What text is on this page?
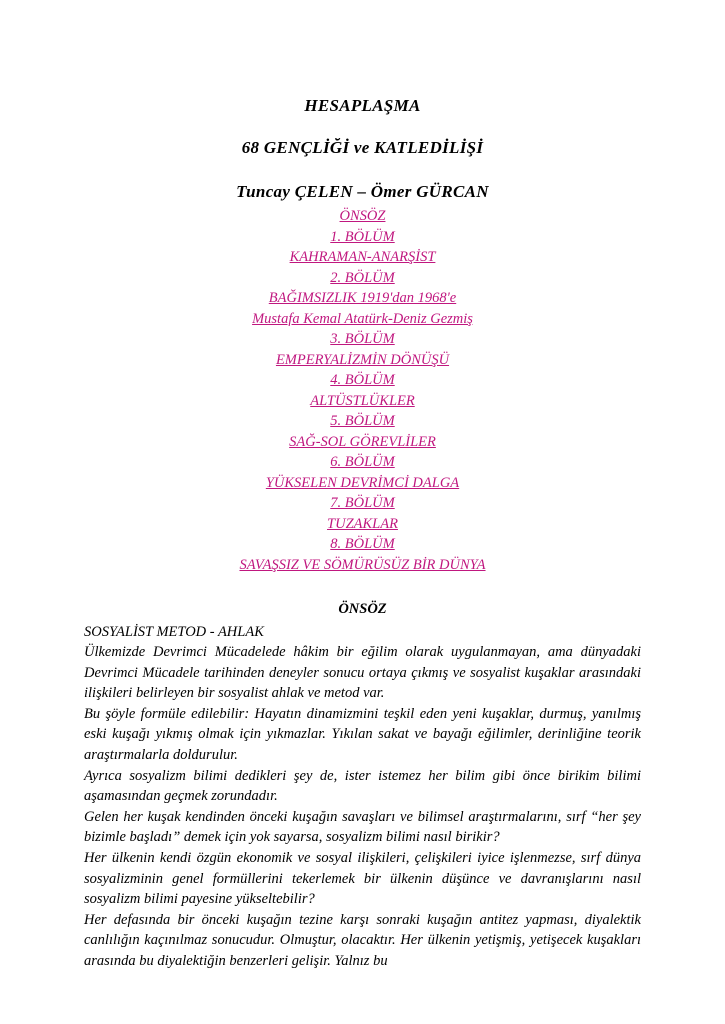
HESAPLAŞMA
68 GENÇLİĞİ ve KATLEDİLİŞİ
Tuncay ÇELEN – Ömer GÜRCAN
ÖNSÖZ
1. BÖLÜM
KAHRAMAN-ANARŞİST
2. BÖLÜM
BAĞIMSIZLIK 1919'dan 1968'e
Mustafa Kemal Atatürk-Deniz Gezmiş
3. BÖLÜM
EMPERYALİZMİN DÖNÜŞÜ
4. BÖLÜM
ALTÜSTLÜKLER
5. BÖLÜM
SAĞ-SOL GÖREVLİLER
6. BÖLÜM
YÜKSELEN DEVRİMCİ DALGA
7. BÖLÜM
TUZAKLAR
8. BÖLÜM
SAVAŞSIZ VE SÖMÜRÜSÜZ BİR DÜNYA
ÖNSÖZ
SOSYALİST METOD - AHLAK

Ülkemizde Devrimci Mücadelede hâkim bir eğilim olarak uygulanmayan, ama dünyadaki Devrimci Mücadele tarihinden deneyler sonucu ortaya çıkmış ve sosyalist kuşaklar arasındaki ilişkileri belirleyen bir sosyalist ahlak ve metod var.

Bu şöyle formüle edilebilir: Hayatın dinamizmini teşkil eden yeni kuşaklar, durmuş, yanılmış eski kuşağı yıkmış olmak için yıkmazlar. Yıkılan sakat ve bayağı eğilimler, derinliğine teorik araştırmalarla doldurulur.

Ayrıca sosyalizm bilimi dedikleri şey de, ister istemez her bilim gibi önce birikim bilimi aşamasından geçmek zorundadır.

Gelen her kuşak kendinden önceki kuşağın savaşları ve bilimsel araştırmalarını, sırf “her şey bizimle başladı” demek için yok sayarsa, sosyalizm bilimi nasıl birikir?

Her ülkenin kendi özgün ekonomik ve sosyal ilişkileri, çelişkileri iyice işlenmezse, sırf dünya sosyalizminin genel formüllerini tekerlemek bir ülkenin düşünce ve davranışlarını nasıl sosyalizm bilimi payesine yükseltebilir?

Her defasında bir önceki kuşağın tezine karşı sonraki kuşağın antitez yapması, diyalektik canlılığın kaçınılmaz sonucudur. Olmuştur, olacaktır. Her ülkenin yetişmiş, yetişecek kuşakları arasında bu diyalektiğin benzerleri gelişir. Yalnız bu
